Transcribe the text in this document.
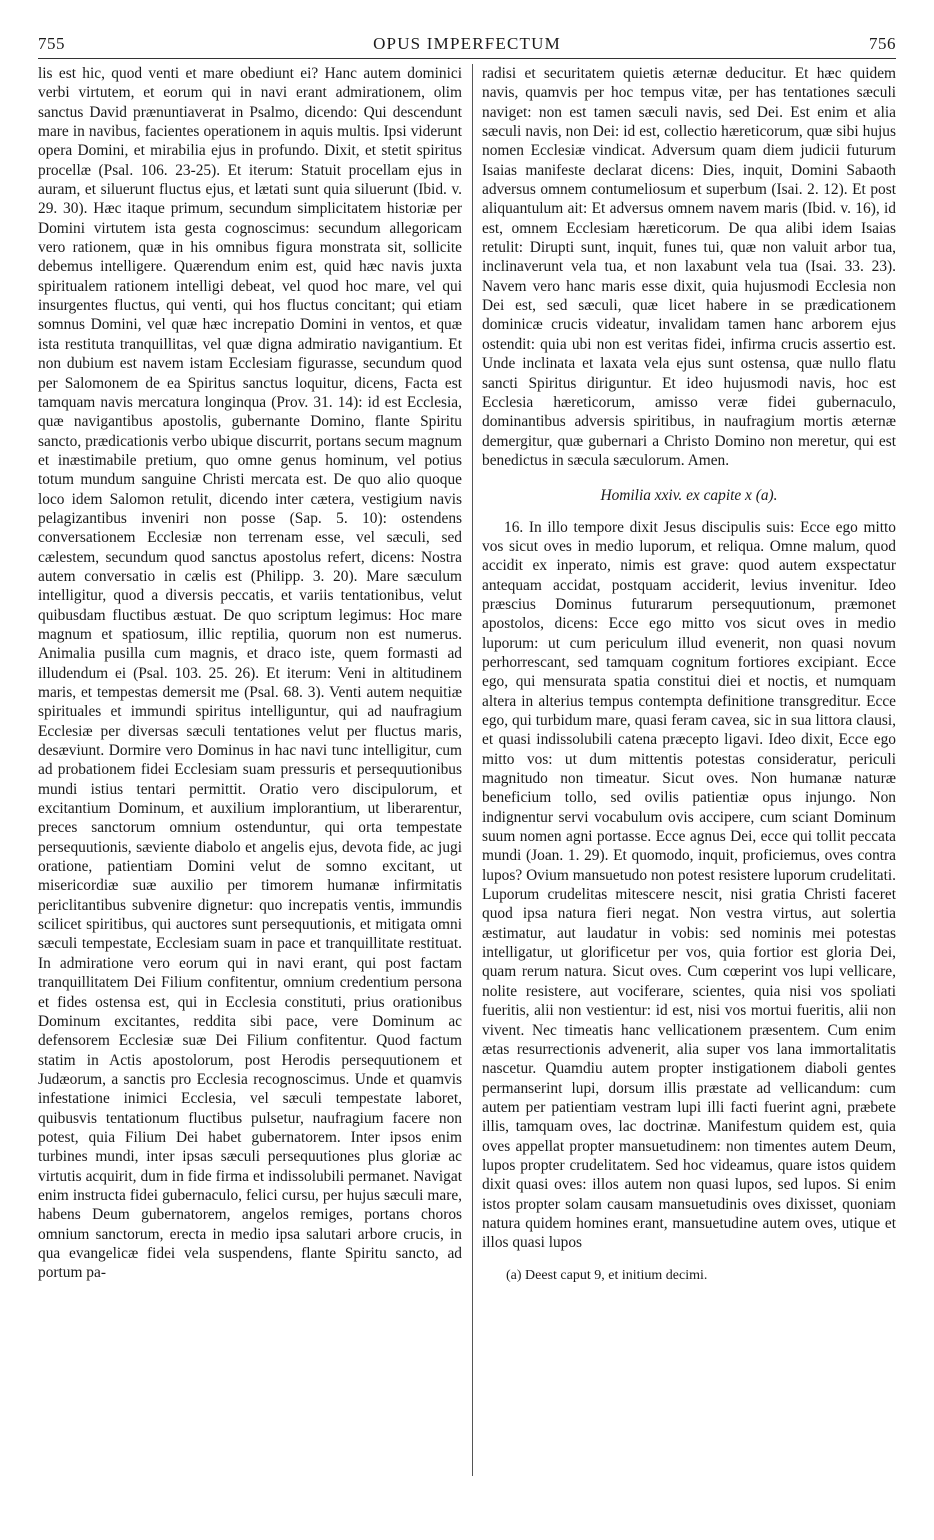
755	OPUS IMPERFECTUM	756

lis est hic, quod venti et mare obediunt ei? Hanc autem dominici verbi virtutem, et eorum qui in navi erant admirationem, olim sanctus David prænuntiaverat in Psalmo, dicendo: Qui descendunt mare in navibus, facientes operationem in aquis multis. Ipsi viderunt opera Domini, et mirabilia ejus in profundo. Dixit, et stetit spiritus procellæ (Psal. 106. 23-25). Et iterum: Statuit procellam ejus in auram, et siluerunt fluctus ejus, et lætati sunt quia siluerunt (Ibid. v. 29. 30). Hæc itaque primum, secundum simplicitatem historiæ per Domini virtutem ista gesta cognoscimus: secundum allegoricam vero rationem, quæ in his omnibus figura monstrata sit, sollicite debemus intelligere. Quærendum enim est, quid hæc navis juxta spiritualem rationem intelligi debeat, vel quod hoc mare, vel qui insurgentes fluctus, qui venti, qui hos fluctus concitant; qui etiam somnus Domini, vel quæ hæc increpatio Domini in ventos, et quæ ista restituta tranquillitas, vel quæ digna admiratio navigantium. Et non dubium est navem istam Ecclesiam figurasse, secundum quod per Salomonem de ea Spiritus sanctus loquitur, dicens, Facta est tamquam navis mercatura longinqua (Prov. 31. 14): id est Ecclesia, quæ navigantibus apostolis, gubernante Domino, flante Spiritu sancto, prædicationis verbo ubique discurrit, portans secum magnum et inæstimabile pretium, quo omne genus hominum, vel potius totum mundum sanguine Christi mercata est. De quo alio quoque loco idem Salomon retulit, dicendo inter cætera, vestigium navis pelagizantibus inveniri non posse (Sap. 5. 10): ostendens conversationem Ecclesiæ non terrenam esse, vel sæculi, sed cælestem, secundum quod sanctus apostolus refert, dicens: Nostra autem conversatio in cælis est (Philipp. 3. 20). Mare sæculum intelligitur, quod a diversis peccatis, et variis tentationibus, velut quibusdam fluctibus æstuat. De quo scriptum legimus: Hoc mare magnum et spatiosum, illic reptilia, quorum non est numerus. Animalia pusilla cum magnis, et draco iste, quem formasti ad illudendum ei (Psal. 103. 25. 26). Et iterum: Veni in altitudinem maris, et tempestas demersit me (Psal. 68. 3). Venti autem nequitiæ spirituales et immundi spiritus intelliguntur, qui ad naufragium Ecclesiæ per diversas sæculi tentationes velut per fluctus maris, desæviunt. Dormire vero Dominus in hac navi tunc intelligitur, cum ad probationem fidei Ecclesiam suam pressuris et persequutionibus mundi istius tentari permittit. Oratio vero discipulorum, et excitantium Dominum, et auxilium implorantium, ut liberarentur, preces sanctorum omnium ostenduntur, qui orta tempestate persequutionis, sæviente diabolo et angelis ejus, devota fide, ac jugi oratione, patientiam Domini velut de somno excitant, ut misericordiæ suæ auxilio per timorem humanæ infirmitatis periclitantibus subvenire dignetur: quo increpatis ventis, immundis scilicet spiritibus, qui auctores sunt persequutionis, et mitigata omni sæculi tempestate, Ecclesiam suam in pace et tranquillitate restituat. In admiratione vero eorum qui in navi erant, qui post factam tranquillitatem Dei Filium confitentur, omnium credentium persona et fides ostensa est, qui in Ecclesia constituti, prius orationibus Dominum excitantes, reddita sibi pace, vere Dominum ac defensorem Ecclesiæ suæ Dei Filium confitentur. Quod factum statim in Actis apostolorum, post Herodis persequutionem et Judæorum, a sanctis pro Ecclesia recognoscimus. Unde et quamvis infestatione inimici Ecclesia, vel sæculi tempestate laboret, quibusvis tentationum fluctibus pulsetur, naufragium facere non potest, quia Filium Dei habet gubernatorem. Inter ipsos enim turbines mundi, inter ipsas sæculi persequutiones plus gloriæ ac virtutis acquirit, dum in fide firma et indissolubili permanet. Navigat enim instructa fidei gubernaculo, felici cursu, per hujus sæculi mare, habens Deum gubernatorem, angelos remiges, portans choros omnium sanctorum, erecta in medio ipsa salutari arbore crucis, in qua evangelicæ fidei vela suspendens, flante Spiritu sancto, ad portum pa-

radisi et securitatem quietis æternæ deducitur. Et hæc quidem navis, quamvis per hoc tempus vitæ, per has tentationes sæculi naviget: non est tamen sæculi navis, sed Dei. Est enim et alia sæculi navis, non Dei: id est, collectio hæreticorum, quæ sibi hujus nomen Ecclesiæ vindicat. Adversum quam diem judicii futurum Isaias manifeste declarat dicens: Dies, inquit, Domini Sabaoth adversus omnem contumeliosum et superbum (Isai. 2. 12). Et post aliquantulum ait: Et adversus omnem navem maris (Ibid. v. 16), id est, omnem Ecclesiam hæreticorum. De qua alibi idem Isaias retulit: Dirupti sunt, inquit, funes tui, quæ non valuit arbor tua, inclinaverunt vela tua, et non laxabunt vela tua (Isai. 33. 23). Navem vero hanc maris esse dixit, quia hujusmodi Ecclesia non Dei est, sed sæculi, quæ licet habere in se prædicationem dominicæ crucis videatur, invalidam tamen hanc arborem ejus ostendit: quia ubi non est veritas fidei, infirma crucis assertio est. Unde inclinata et laxata vela ejus sunt ostensa, quæ nullo flatu sancti Spiritus diriguntur. Et ideo hujusmodi navis, hoc est Ecclesia hæreticorum, amisso veræ fidei gubernaculo, dominantibus adversis spiritibus, in naufragium mortis æternæ demergitur, quæ gubernari a Christo Domino non meretur, qui est benedictus in sæcula sæculorum. Amen.

Homilia xxiv. ex capite x (a).

16. In illo tempore dixit Jesus discipulis suis: Ecce ego mitto vos sicut oves in medio luporum, et reliqua. Omne malum, quod accidit ex inperato, nimis est grave: quod autem exspectatur antequam accidat, postquam acciderit, levius invenitur. Ideo præscius Dominus futurarum persequutionum, præmonet apostolos, dicens: Ecce ego mitto vos sicut oves in medio luporum: ut cum periculum illud evenerit, non quasi novum perhorrescant, sed tamquam cognitum fortiores excipiant. Ecce ego, qui mensurata spatia constitui diei et noctis, et numquam altera in alterius tempus contempta definitione transgreditur. Ecce ego, qui turbidum mare, quasi feram cavea, sic in sua littora clausi, et quasi indissolubili catena præcepto ligavi. Ideo dixit, Ecce ego mitto vos: ut dum mittentis potestas consideratur, periculi magnitudo non timeatur. Sicut oves. Non humanæ naturæ beneficium tollo, sed ovilis patientiæ opus injungo. Non indignentur servi vocabulum ovis accipere, cum sciant Dominum suum nomen agni portasse. Ecce agnus Dei, ecce qui tollit peccata mundi (Joan. 1. 29). Et quomodo, inquit, proficiemus, oves contra lupos? Ovium mansuetudo non potest resistere luporum crudelitati. Luporum crudelitas mitescere nescit, nisi gratia Christi faceret quod ipsa natura fieri negat. Non vestra virtus, aut solertia æstimatur, aut laudatur in vobis: sed nominis mei potestas intelligatur, ut glorificetur per vos, quia fortior est gloria Dei, quam rerum natura. Sicut oves. Cum cœperint vos lupi vellicare, nolite resistere, aut vociferare, scientes, quia nisi vos spoliati fueritis, alii non vestientur: id est, nisi vos mortui fueritis, alii non vivent. Nec timeatis hanc vellicationem præsentem. Cum enim ætas resurrectionis advenerit, alia super vos lana immortalitatis nascetur. Quamdiu autem propter instigationem diaboli gentes permanserint lupi, dorsum illis præstate ad vellicandum: cum autem per patientiam vestram lupi illi facti fuerint agni, præbete illis, tamquam oves, lac doctrinæ. Manifestum quidem est, quia oves appellat propter mansuetudinem: non timentes autem Deum, lupos propter crudelitatem. Sed hoc videamus, quare istos quidem dixit quasi oves: illos autem non quasi lupos, sed lupos. Si enim istos propter solam causam mansuetudinis oves dixisset, quoniam natura quidem homines erant, mansuetudine autem oves, utique et illos quasi lupos

(a) Deest caput 9, et initium decimi.
